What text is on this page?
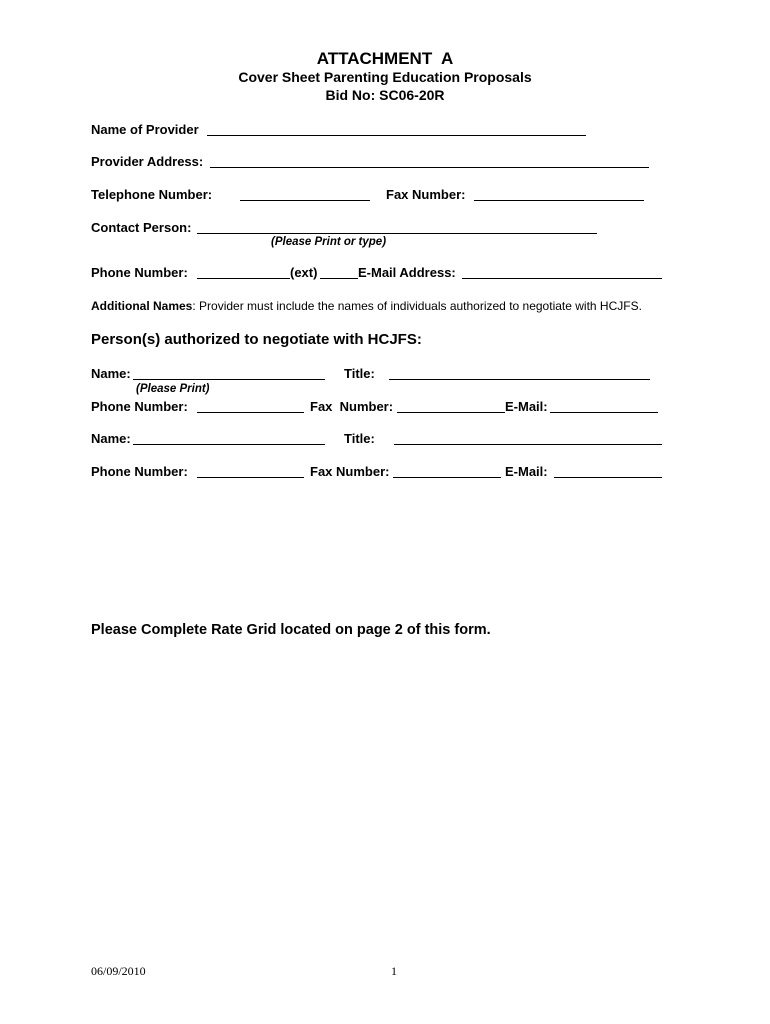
ATTACHMENT  A
Cover Sheet Parenting Education Proposals
Bid No: SC06-20R
Name of Provider
Provider Address:
Telephone Number:	Fax Number:
Contact Person:
(Please Print or type)
Phone Number:	(ext)	E-Mail Address:
Additional Names: Provider must include the names of individuals authorized to negotiate with HCJFS.
Person(s) authorized to negotiate with HCJFS:
Name:	Title:
(Please Print)
Phone Number:	Fax  Number:	E-Mail:
Name:	Title:
Phone Number:	Fax Number:	E-Mail:
Please Complete Rate Grid located on page 2 of this form.
06/09/2010	1
